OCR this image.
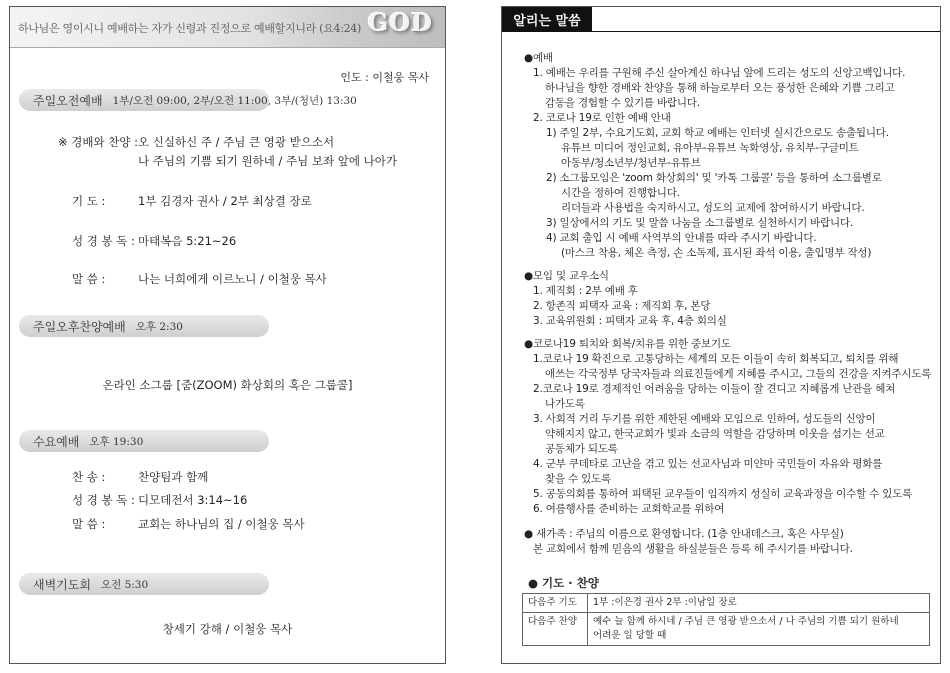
하나님은 영이시니 예배하는 자가 신령과 진정으로 예배할지니라 (요4:24) GOD
인도 : 이철웅 목사
주일오전예배 1부/오전 09:00, 2부/오전 11:00, 3부/(청년) 13:30
※ 경배와 찬양 : 오 신실하신 주 / 주님 큰 영광 받으소서
나 주님의 기쁨 되기 원하네 / 주님 보좌 앞에 나아가
기 도 :	1부 김경자 권사 / 2부 최상결 장로
성 경 봉 독 : 마태복음 5:21~26
말 씀 :	나는 너희에게 이르노니 / 이철웅 목사
주일오후찬양예배 오후 2:30
온라인 소그룹 [줌(ZOOM) 화상회의 혹은 그룹콜]
수요예배 오후 19:30
찬 송 :	찬양팀과 함께
성 경 봉 독 : 디모데전서 3:14~16
말 씀 :	교회는 하나님의 집 / 이철웅 목사
새벽기도회 오전 5:30
창세기 강해 / 이철웅 목사
알리는 말씀
●예배
1. 예배는 우리를 구원해 주신 살아계신 하나님 앞에 드리는 성도의 신앙고백입니다.
하나님을 향한 경배와 찬양을 통해 하늘로부터 오는 풍성한 은혜와 기쁨 그리고
감동을 경험할 수 있기를 바랍니다.
2. 코로나 19로 인한 예배 안내
1) 주일 2부, 수요기도회, 교회 학교 예배는 인터넷 실시간으로도 송출됩니다.
유튜브 미디어 정인교회, 유아부-유튜브 녹화영상, 유치부-구글미트
아동부/청소년부/청년부-유튜브
2) 소그룹모임은 'zoom 화상회의' 및 '카톡 그룹콜' 등을 통하여 소그룹별로
시간을 정하여 진행합니다.
리더들과 사용법을 숙지하시고, 성도의 교제에 참여하시기 바랍니다.
3) 일상에서의 기도 및 말씀 나눔을 소그룹별로 실천하시기 바랍니다.
4) 교회 출입 시 예배 사역부의 안내를 따라 주시기 바랍니다.
(마스크 착용, 체온 측정, 손 소독제, 표시된 좌석 이용, 출입명부 작성)
●모임 및 교우소식
1. 제직회 : 2부 예배 후
2. 항존직 피택자 교육 : 제직회 후, 본당
3. 교육위원회 : 피택자 교육 후, 4층 회의실
●코로나19 퇴치와 회복/치유를 위한 중보기도
1.코로나 19 확진으로 고통당하는 세계의 모든 이들이 속히 회복되고, 퇴치를 위해
애쓰는 각국정부 당국자들과 의료진들에게 지혜를 주시고, 그들의 건강을 지켜주시도록
2.코로나 19로 경제적인 어려움을 당하는 이들이 잘 견디고 지혜롭게 난관을 헤쳐
나가도록
3. 사회적 거리 두기를 위한 제한된 예배와 모임으로 인하여, 성도들의 신앙이
약해지지 않고, 한국교회가 빛과 소금의 역할을 감당하며 이웃을 섬기는 선교
공동체가 되도록
4. 군부 쿠데타로 고난을 겪고 있는 선교사님과 미얀마 국민들이 자유와 평화를
찾을 수 있도록
5. 공동의회를 통하여 피택된 교우들이 임직까지 성실히 교육과정을 이수할 수 있도록
6. 여름행사를 준비하는 교회학교를 위하여
● 새가족 : 주님의 이름으로 환영합니다. (1층 안내데스크, 혹은 사무실)
본 교회에서 함께 믿음의 생활을 하실분들은 등록 해 주시기를 바랍니다.
● 기도 · 찬양
다음주 기도	1부 :이은경 권사 2부 :이남일 장로
다음주 찬양	예수 늘 함께 하시네 / 주님 큰 영광 받으소서 / 나 주님의 기쁨 되기 원하네
어려운 일 당할 때
